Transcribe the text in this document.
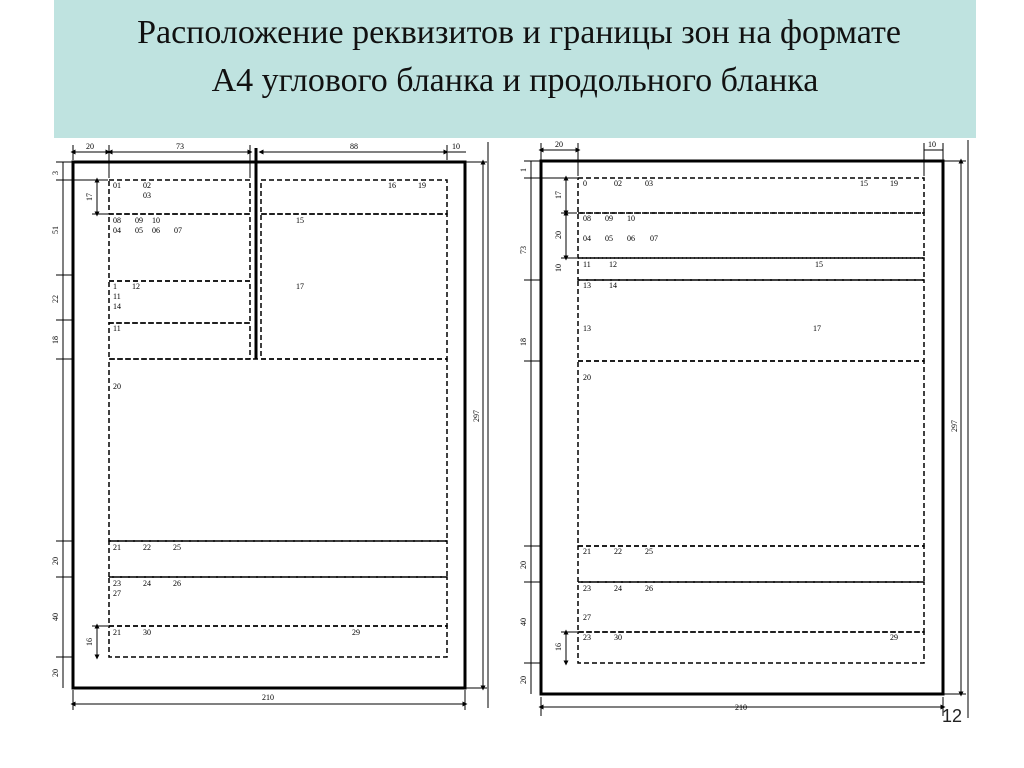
Расположение реквизитов и границы зон на формате
А4 углового бланка и продольного бланка
20	73	88	10
3
17
51
22
18
20
40
16
20
297
210
01	02
03
16	19
08 09 10
04 05 06 07
15
1 12
11
14
17
11
20
21	22	25
23	24	26
27
21	30	29
20	10
1
17
20
73
10
18
20
40
16
20
297
210
0	02	03	15	19
08 09 10
04 05 06 07
11 12	15
13 14
13	17
20
21	22	25
23	24	26
27
23	30	29
12
